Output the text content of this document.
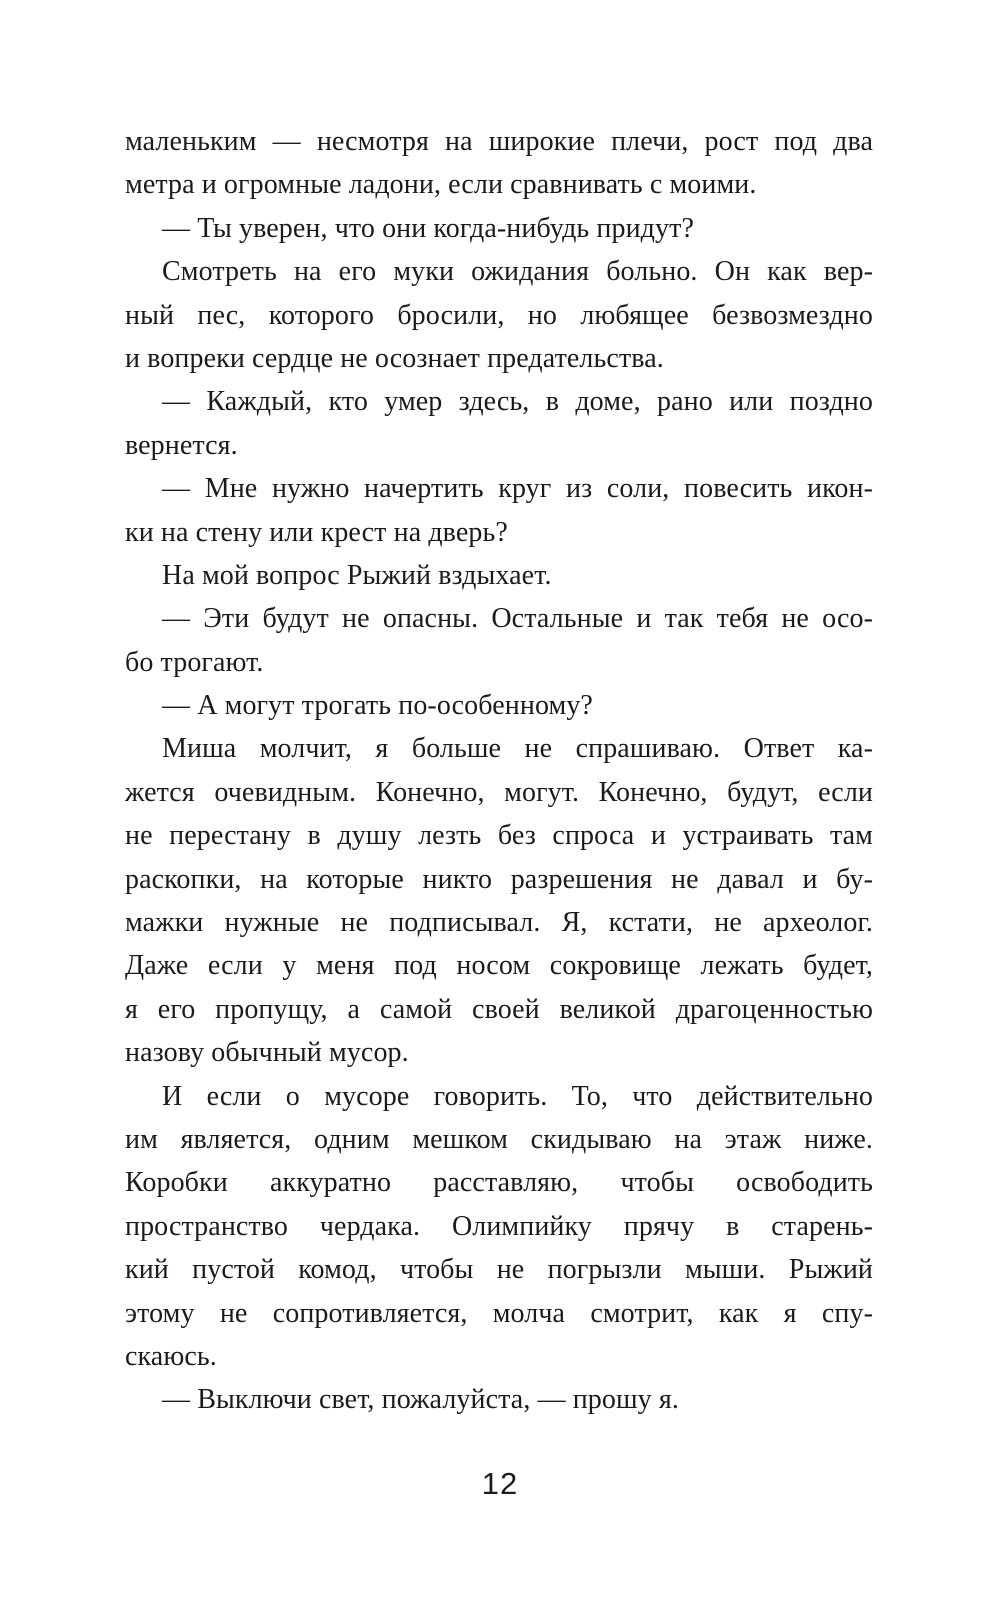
маленьким — несмотря на широкие плечи, рост под два
метра и огромные ладони, если сравнивать с моими.
— Ты уверен, что они когда-нибудь придут?
Смотреть на его муки ожидания больно. Он как вер-
ный пес, которого бросили, но любящее безвозмездно
и вопреки сердце не осознает предательства.
— Каждый, кто умер здесь, в доме, рано или поздно
вернется.
— Мне нужно начертить круг из соли, повесить икон-
ки на стену или крест на дверь?
На мой вопрос Рыжий вздыхает.
— Эти будут не опасны. Остальные и так тебя не осо-
бо трогают.
— А могут трогать по-особенному?
Миша молчит, я больше не спрашиваю. Ответ ка-
жется очевидным. Конечно, могут. Конечно, будут, если
не перестану в душу лезть без спроса и устраивать там
раскопки, на которые никто разрешения не давал и бу-
мажки нужные не подписывал. Я, кстати, не археолог.
Даже если у меня под носом сокровище лежать будет,
я его пропущу, а самой своей великой драгоценностью
назову обычный мусор.
И если о мусоре говорить. То, что действительно
им является, одним мешком скидываю на этаж ниже.
Коробки аккуратно расставляю, чтобы освободить
пространство чердака. Олимпийку прячу в старень-
кий пустой комод, чтобы не погрызли мыши. Рыжий
этому не сопротивляется, молча смотрит, как я спу-
скаюсь.
— Выключи свет, пожалуйста, — прошу я.
12
